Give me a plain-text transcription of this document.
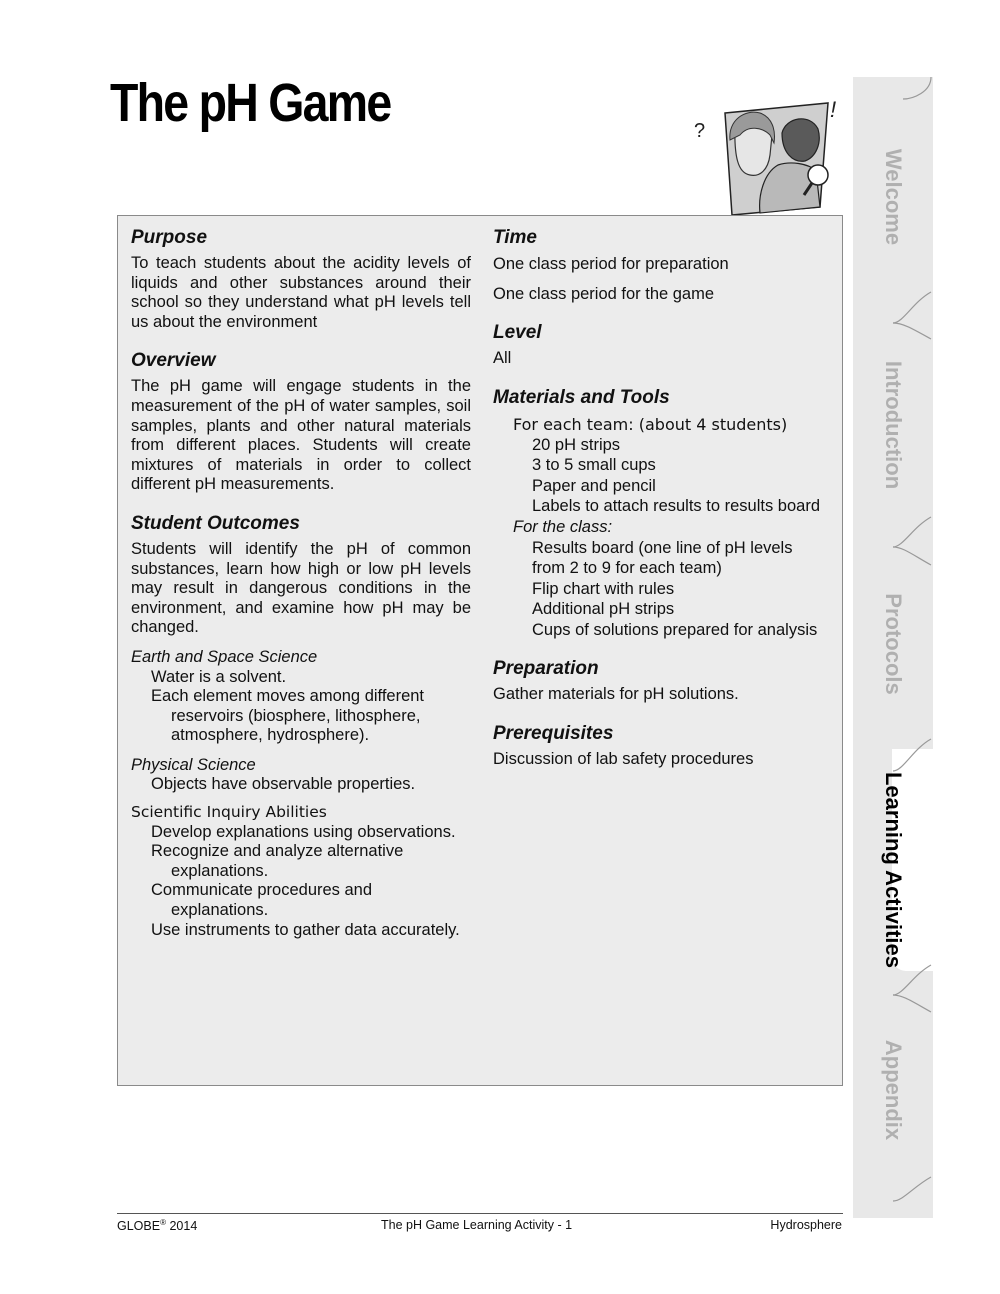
The pH Game	?
!
Purpose

To teach students about the acidity levels of liquids and other substances around their school so they understand what pH levels tell us about the environment

Overview

The pH game will engage students in the measurement of the pH of water samples, soil samples, plants and other natural materials from different places. Students will create mixtures of materials in order to collect different pH measurements.

Student Outcomes

Students will identify the pH of common substances, learn how high or low pH levels may result in dangerous conditions in the environment, and examine how pH may be changed.

Earth and Space Science
Water is a solvent.
Each element moves among different reservoirs (biosphere, lithosphere, atmosphere, hydrosphere).
Physical Science
Objects have observable properties.
Scientific Inquiry Abilities
Develop explanations using observations.
Recognize and analyze alternative explanations.
Communicate procedures and explanations.
Use instruments to gather data accurately.
Time
One class period for preparation
One class period for the game
Level

All

Materials and Tools
For each team: (about 4 students)
20 pH strips
3 to 5 small cups
Paper and pencil
Labels to attach results to results board
For the class:
Results board (one line of pH levels from 2 to 9 for each team)
Flip chart with rules
Additional pH strips
Cups of solutions prepared for analysis
Preparation

Gather materials for pH solutions.

Prerequisites

Discussion of lab safety procedures

Welcome
Introduction
Protocols
Learning Activities
Appendix
GLOBE® 2014	The pH Game Learning Activity - 1	Hydrosphere
